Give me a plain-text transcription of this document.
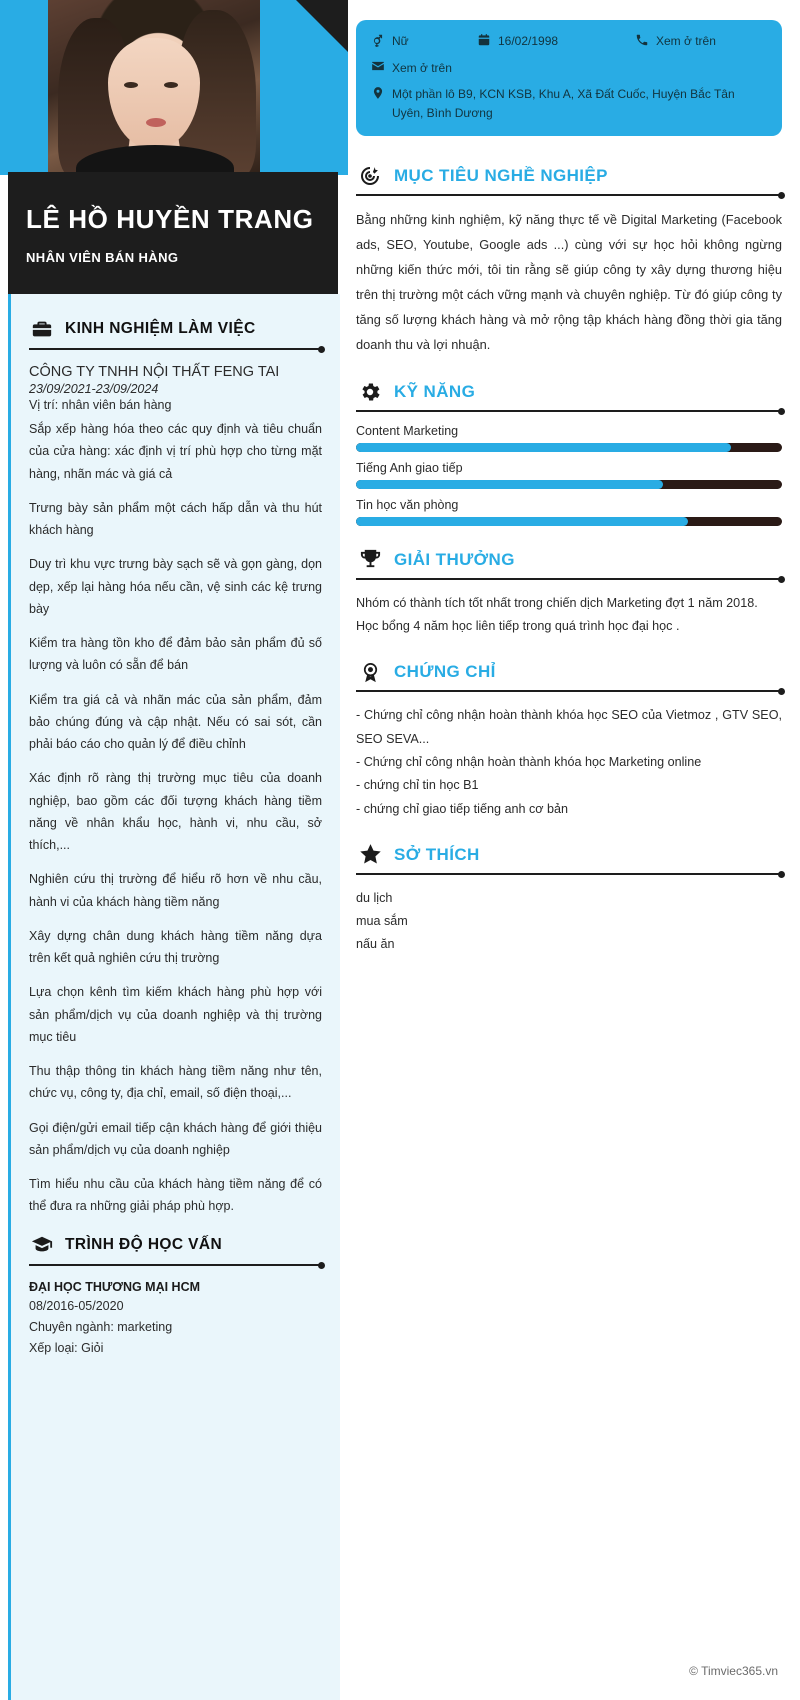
LÊ HỒ HUYỀN TRANG
NHÂN VIÊN BÁN HÀNG
KINH NGHIỆM LÀM VIỆC
CÔNG TY TNHH NỘI THẤT FENG TAI
23/09/2021-23/09/2024
Vị trí: nhân viên bán hàng
Sắp xếp hàng hóa theo các quy định và tiêu chuẩn của cửa hàng: xác định vị trí phù hợp cho từng mặt hàng, nhãn mác và giá cả
Trưng bày sản phẩm một cách hấp dẫn và thu hút khách hàng
Duy trì khu vực trưng bày sạch sẽ và gọn gàng, dọn dẹp, xếp lại hàng hóa nếu cần, vệ sinh các kệ trưng bày
Kiểm tra hàng tồn kho để đảm bảo sản phẩm đủ số lượng và luôn có sẵn để bán
Kiểm tra giá cả và nhãn mác của sản phẩm, đảm bảo chúng đúng và cập nhật. Nếu có sai sót, cần phải báo cáo cho quản lý để điều chỉnh
Xác định rõ ràng thị trường mục tiêu của doanh nghiệp, bao gồm các đối tượng khách hàng tiềm năng về nhân khẩu học, hành vi, nhu cầu, sở thích,...
Nghiên cứu thị trường để hiểu rõ hơn về nhu cầu, hành vi của khách hàng tiềm năng
Xây dựng chân dung khách hàng tiềm năng dựa trên kết quả nghiên cứu thị trường
Lựa chọn kênh tìm kiếm khách hàng phù hợp với sản phẩm/dịch vụ của doanh nghiệp và thị trường mục tiêu
Thu thập thông tin khách hàng tiềm năng như tên, chức vụ, công ty, địa chỉ, email, số điện thoại,...
Gọi điện/gửi email tiếp cận khách hàng để giới thiệu sản phẩm/dịch vụ của doanh nghiệp
Tìm hiểu nhu cầu của khách hàng tiềm năng để có thể đưa ra những giải pháp phù hợp.
TRÌNH ĐỘ HỌC VẤN
ĐẠI HỌC THƯƠNG MẠI HCM
08/2016-05/2020
Chuyên ngành: marketing
Xếp loại: Giỏi
Nữ	16/02/1998	Xem ở trên
Xem ở trên
Một phần lô B9, KCN KSB, Khu A, Xã Đất Cuốc, Huyện Bắc Tân Uyên, Bình Dương
MỤC TIÊU NGHỀ NGHIỆP
Bằng những kinh nghiệm, kỹ năng thực tế về Digital Marketing (Facebook ads, SEO, Youtube, Google ads ...) cùng với sự học hỏi không ngừng những kiến thức mới, tôi tin rằng sẽ giúp công ty xây dựng thương hiệu trên thị trường một cách vững mạnh và chuyên nghiệp. Từ đó giúp công ty tăng số lượng khách hàng và mở rộng tập khách hàng đồng thời gia tăng doanh thu và lợi nhuận.
KỸ NĂNG
Content Marketing
Tiếng Anh giao tiếp
Tin học văn phòng
GIẢI THƯỞNG
Nhóm có thành tích tốt nhất trong chiến dịch Marketing đợt 1 năm 2018.
Học bổng 4 năm học liên tiếp trong quá trình học đại học .
CHỨNG CHỈ
- Chứng chỉ công nhận hoàn thành khóa học SEO của Vietmoz , GTV SEO, SEO SEVA...
- Chứng chỉ công nhận hoàn thành khóa học Marketing online
- chứng chỉ tin học B1
- chứng chỉ giao tiếp tiếng anh cơ bản
SỞ THÍCH
du lịch
mua sắm
nấu ăn
© Timviec365.vn
